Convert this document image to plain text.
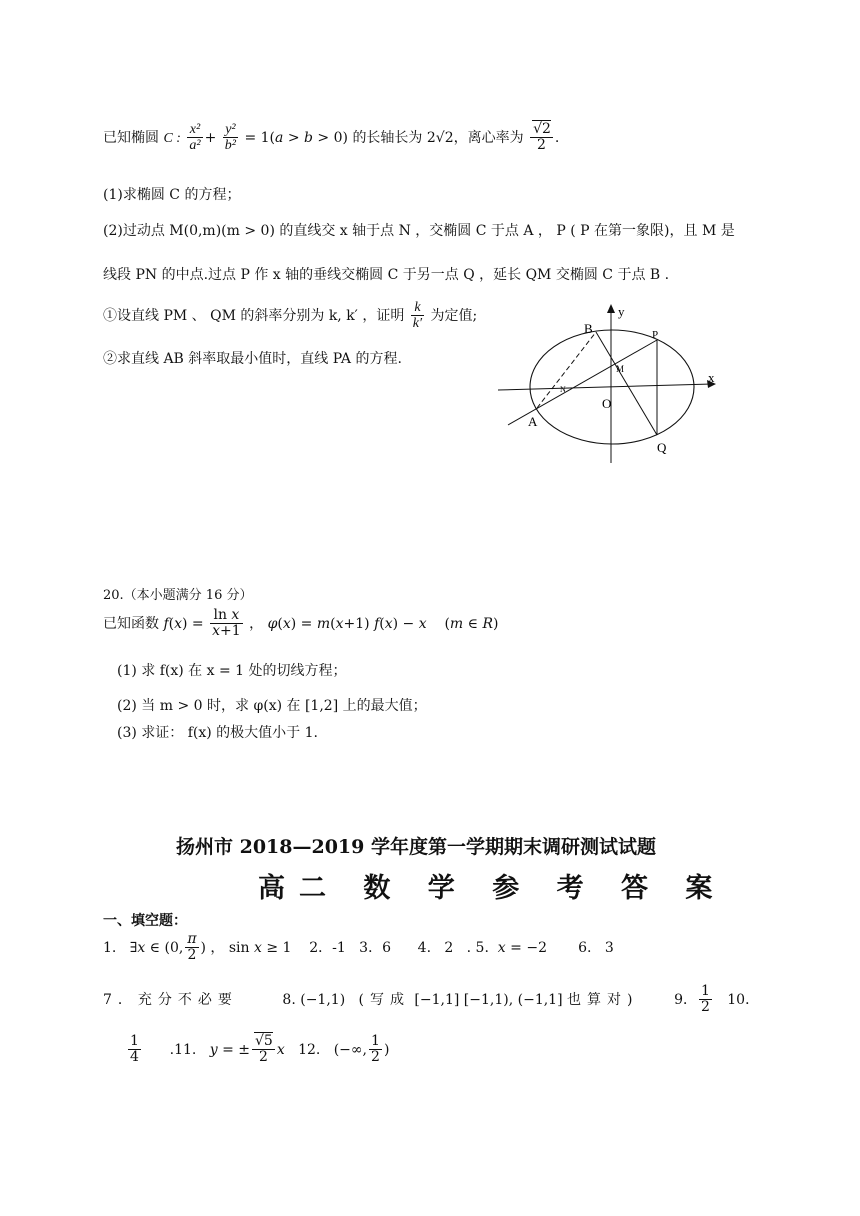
已知椭圆 C : $\frac{\text{x²}}{\text{a²}} + \frac{\text{y²}}{\text{b²}} = 1(a > b > 0)$ 的长轴长为 2√2，离心率为 $\frac{√2}{2}$ .
(1)求椭圆 C 的方程；
(2)过动点 M(0,m)(m > 0) 的直线交 x 轴于点 N ，交椭圆 C 于点 A ， P ( P 在第一象限)，且 M 是
线段 PN 的中点.过点 P 作 x 轴的垂线交椭圆 C 于另一点 Q ，延长 QM 交椭圆 C 于点 B .
①设直线 PM 、 QM 的斜率分别为 k, k′ ，证明 $\frac{k}{k'}$ 为定值;
②求直线 AB 斜率取最小值时，直线 PA 的方程.
y
x
O
A
B	P
Q
M
N
20.（本小题满分 16 分）
已知函数 $f(x) = \frac{\text{ln x}}{x+1}$ ， φ(x) = m(x+1) f(x) − x    (m ∈ R)
(1) 求 f(x) 在 x = 1 处的切线方程；
(2) 当 m > 0 时，求 φ(x) 在 [1,2] 上的最大值；
(3) 求证： f(x) 的极大值小于 1.
扬州市 2018—2019 学年度第一学期期末调研测试试题
高二 数 学 参 考 答 案
一、填空题：
1.   ∃x ∈ (0, $\frac{\pi}{2}$ ) ， sin x ≥ 1    2．-1   3．6      4.   2   . 5.  x = −2       6.   3
7．充分不必要          8. (−1,1)   (写成 [−1,1] [−1,1), (−1,1] 也算对)        9． $\frac{1}{2} 10$．
$\frac{1}{4} .11$.   y = ± $\frac{√5}{2}$ x   12.   (−∞, $\frac{1}{2}$ )
